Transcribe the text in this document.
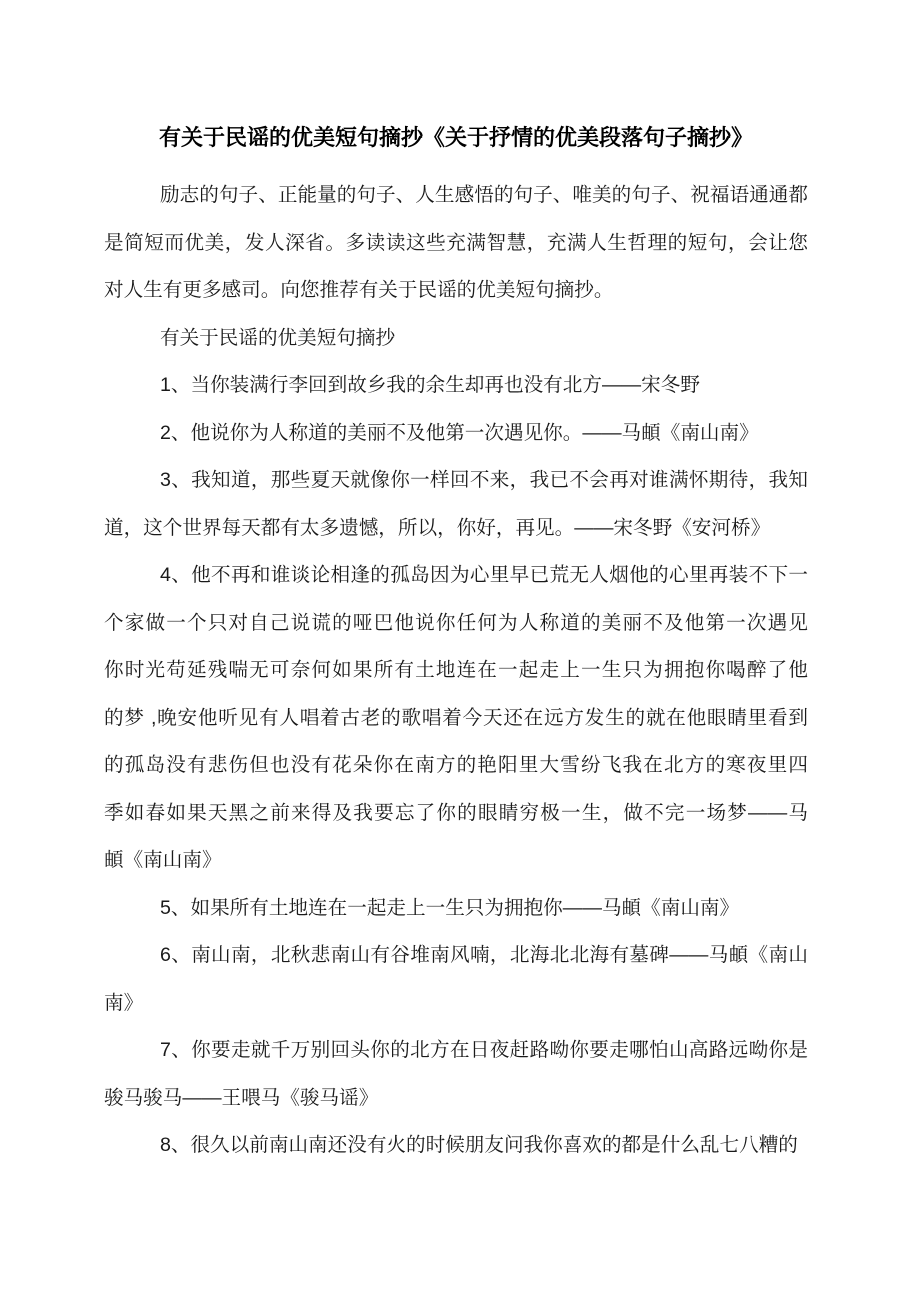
有关于民谣的优美短句摘抄《关于抒情的优美段落句子摘抄》
励志的句子、正能量的句子、人生感悟的句子、唯美的句子、祝福语通通都
是简短而优美，发人深省。多读读这些充满智慧，充满人生哲理的短句，会让您
对人生有更多感司。向您推荐有关于民谣的优美短句摘抄。
有关于民谣的优美短句摘抄
1、当你装满行李回到故乡我的余生却再也没有北方——宋冬野
2、他说你为人称道的美丽不及他第一次遇见你。——马頔《南山南》
3、我知道，那些夏天就像你一样回不来，我已不会再对谁满怀期待，我知
道，这个世界每天都有太多遗憾，所以，你好，再见。——宋冬野《安河桥》
4、他不再和谁谈论相逢的孤岛因为心里早已荒无人烟他的心里再装不下一
个家做一个只对自己说谎的哑巴他说你任何为人称道的美丽不及他第一次遇见
你时光苟延残喘无可奈何如果所有土地连在一起走上一生只为拥抱你喝醉了他
的梦 ,晚安他听见有人唱着古老的歌唱着今天还在远方发生的就在他眼睛里看到
的孤岛没有悲伤但也没有花朵你在南方的艳阳里大雪纷飞我在北方的寒夜里四
季如春如果天黑之前来得及我要忘了你的眼睛穷极一生，做不完一场梦——马
頔《南山南》
5、如果所有土地连在一起走上一生只为拥抱你——马頔《南山南》
6、南山南，北秋悲南山有谷堆南风喃，北海北北海有墓碑——马頔《南山
南》
7、你要走就千万别回头你的北方在日夜赶路呦你要走哪怕山高路远呦你是
骏马骏马——王喂马《骏马谣》
8、很久以前南山南还没有火的时候朋友问我你喜欢的都是什么乱七八糟的
